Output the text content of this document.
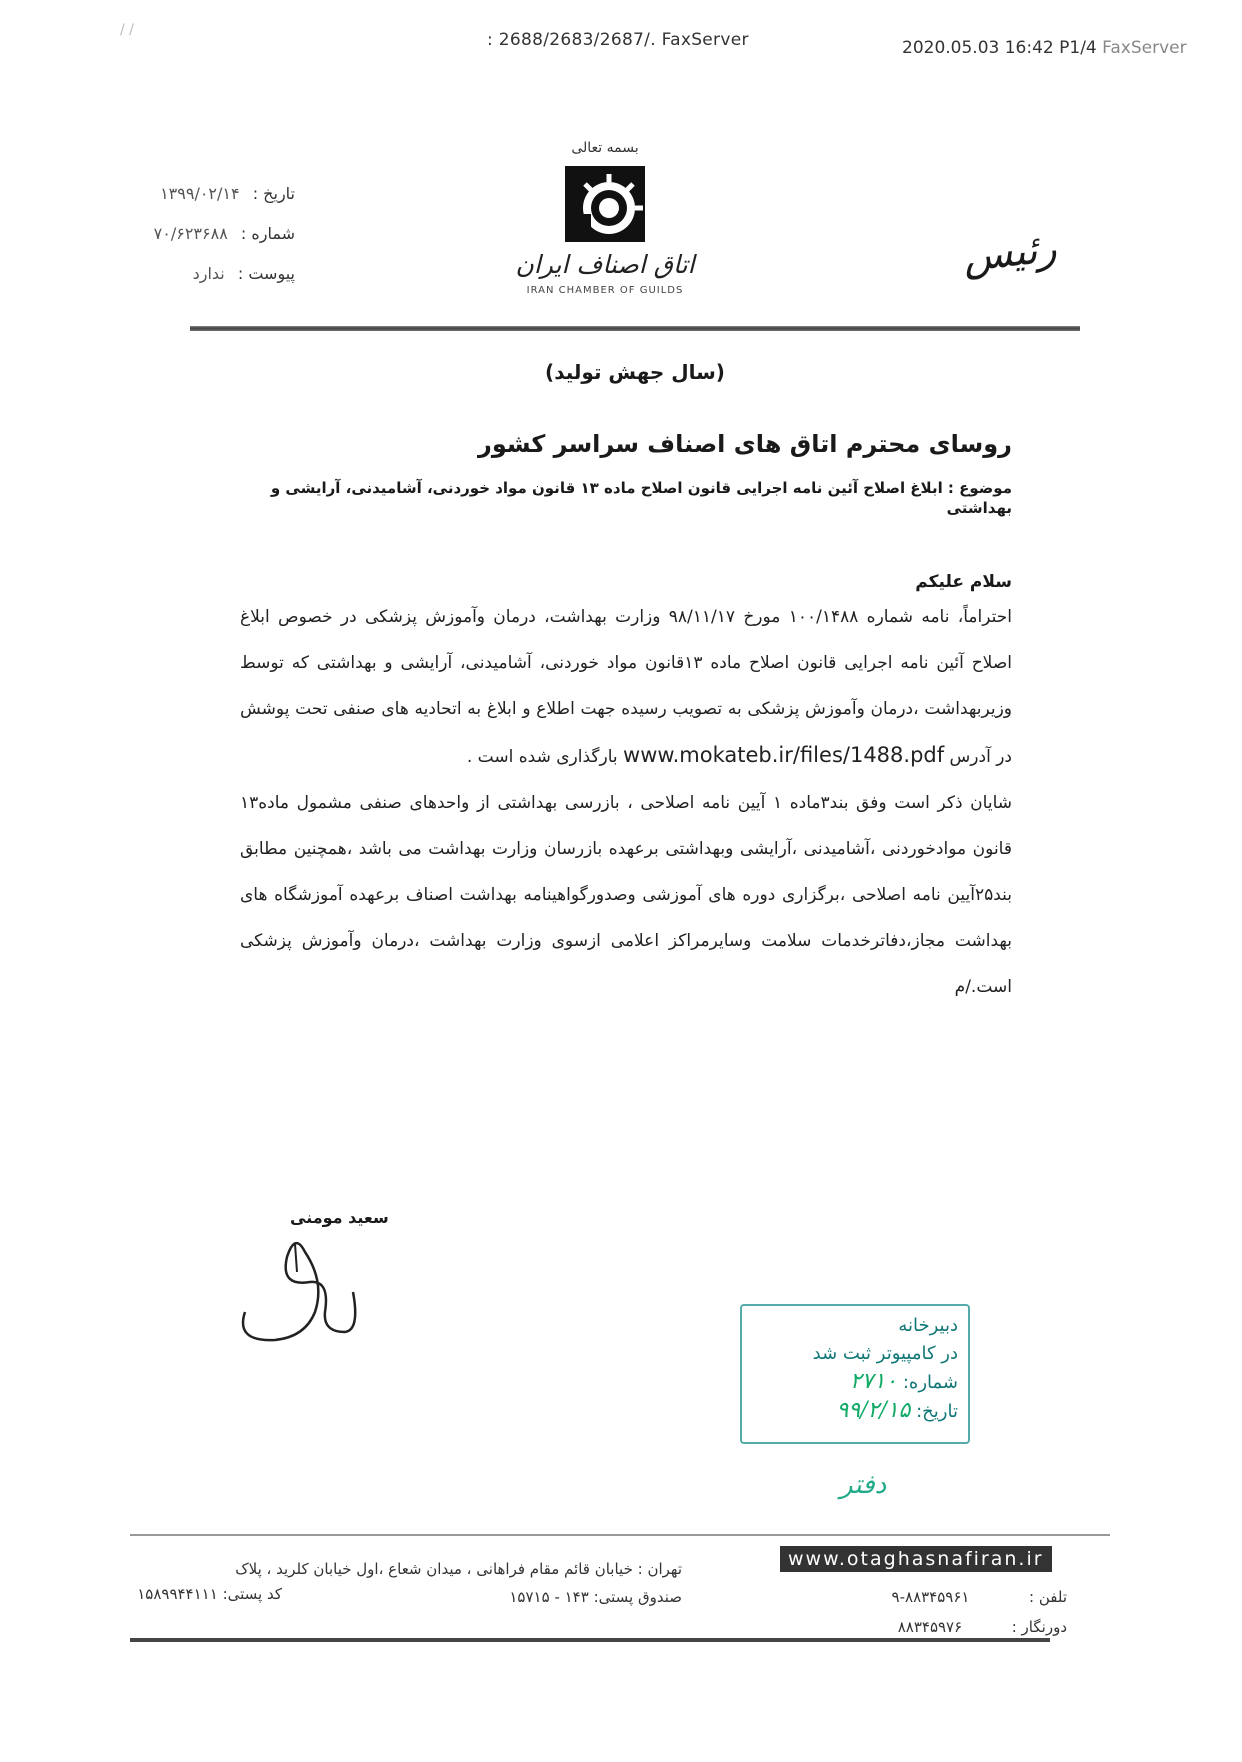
/ /	: 2688/2683/2687/. FaxServer	2020.05.03 16:42 P1/4 FaxServer
تاریخ : ۱۳۹۹/۰۲/۱۴
شماره : ۷۰/۶۲۳۶۸۸
پیوست : ندارد
بسمه تعالی
اتاق اصناف ایران
IRAN CHAMBER OF GUILDS
رئیس
(سال جهش تولید)
روسای محترم اتاق های اصناف سراسر کشور
موضوع : ابلاغ اصلاح آئین نامه اجرایی قانون اصلاح ماده ۱۳ قانون مواد خوردنی، آشامیدنی، آرایشی و بهداشتی
سلام علیکم

احتراماً، نامه شماره ۱۰۰/۱۴۸۸ مورخ ۹۸/۱۱/۱۷ وزارت بهداشت، درمان وآموزش پزشکی در خصوص ابلاغ اصلاح آئین نامه اجرایی قانون اصلاح ماده ۱۳قانون مواد خوردنی، آشامیدنی، آرایشی و بهداشتی که توسط وزیربهداشت ،درمان وآموزش پزشکی به تصویب رسیده جهت اطلاع و ابلاغ به اتحادیه های صنفی تحت پوشش در آدرس www.mokateb.ir/files/1488.pdf بارگذاری شده است .

شایان ذکر است وفق بند۳ماده ۱ آیین نامه اصلاحی ، بازرسی بهداشتی از واحدهای صنفی مشمول ماده۱۳ قانون موادخوردنی ،آشامیدنی ،آرایشی وبهداشتی برعهده بازرسان وزارت بهداشت می باشد ،همچنین مطابق بند۲۵آیین نامه اصلاحی ،برگزاری دوره های آموزشی وصدورگواهینامه بهداشت اصناف برعهده آموزشگاه های بهداشت مجاز،دفاترخدمات سلامت وسایرمراکز اعلامی ازسوی وزارت بهداشت ،درمان وآموزش پزشکی است./م

سعید مومنی
دبیرخانه
در کامپیوتر ثبت شد
شماره: ۲۷۱۰
تاریخ: ۹۹/۲/۱۵
دفتر
www.otaghasnafiran.ir
تهران : خیابان قائم مقام فراهانی ، میدان شعاع ،اول خیابان کلرید ، پلاک
صندوق پستی: ۱۴۳ - ۱۵۷۱۵
کد پستی: ۱۵۸۹۹۴۴۱۱۱	تلفن :  ۸۸۳۴۵۹۶۱-۹
دورنگار :  ۸۸۳۴۵۹۷۶
